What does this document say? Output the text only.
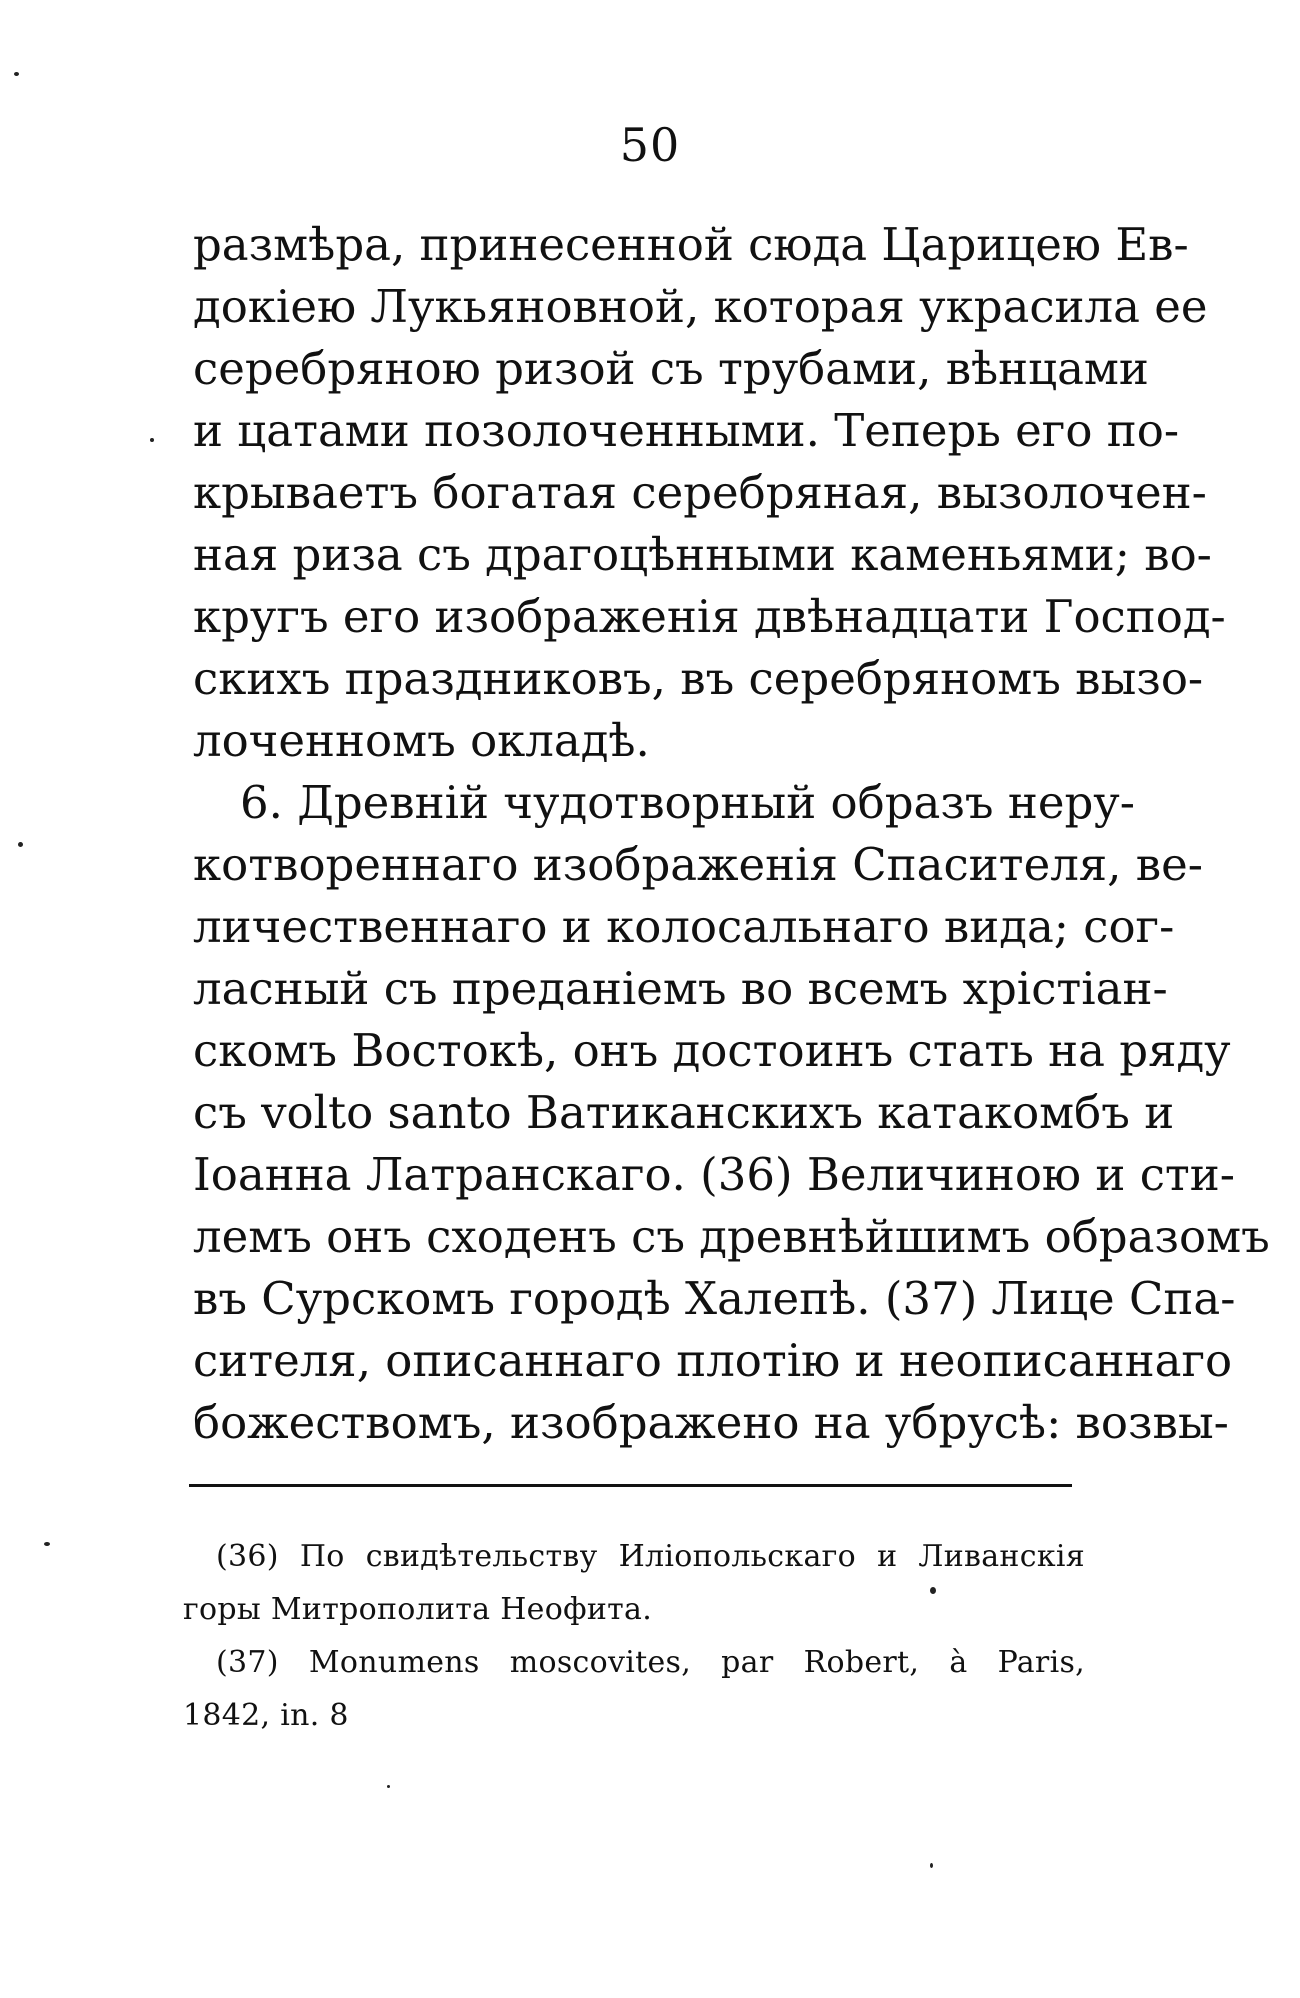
50
размѣра, принесенной сюда Царицею Ев-
докіею Лукьяновной, которая украсила ее
серебряною ризой съ трубами, вѣнцами
и цатами позолоченными. Теперь его по-
крываетъ богатая серебряная, вызолочен-
ная риза съ драгоцѣнными каменьями; во-
кругъ его изображенія двѣнадцати Господ-
скихъ праздниковъ, въ серебряномъ вызо-
лоченномъ окладѣ.
6. Древній чудотворный образъ неру-
котвореннаго изображенія Спасителя, ве-
личественнаго и колосальнаго вида; сог-
ласный съ преданіемъ во всемъ хрістіан-
скомъ Востокѣ, онъ достоинъ стать на ряду
съ volto santo Ватиканскихъ катакомбъ и
Іоанна Латранскаго. (36) Величиною и сти-
лемъ онъ сходенъ съ древнѣйшимъ образомъ
въ Сурскомъ городѣ Халепѣ. (37) Лице Спа-
сителя, описаннаго плотію и неописаннаго
божествомъ, изображено на убрусѣ: возвы-
(36) По свидѣтельству Иліопольскаго и Ливанскія
горы Митрополита Неофита.
(37) Monumens moscovites, par Robert, à Paris,
1842, in. 8
